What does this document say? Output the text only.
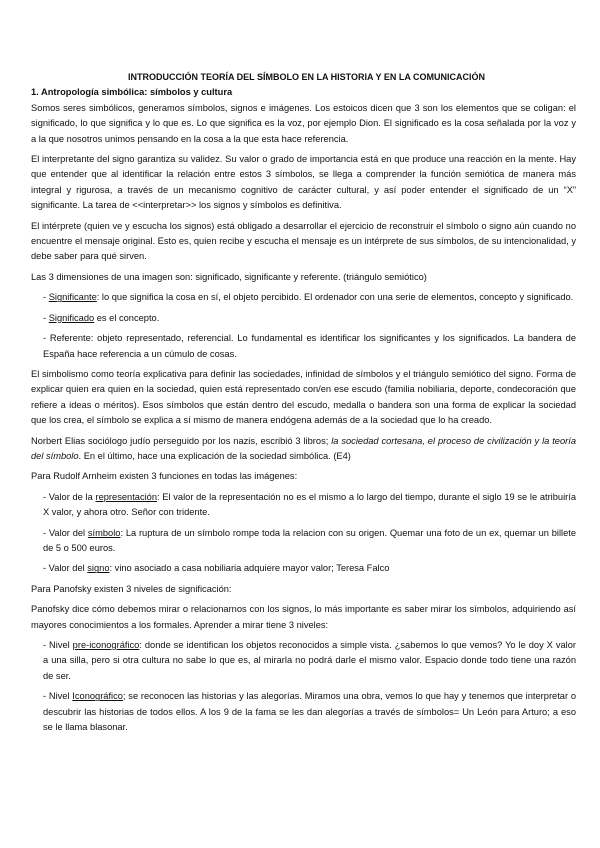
INTRODUCCIÓN TEORÍA DEL SÍMBOLO EN LA HISTORIA Y EN LA COMUNICACIÓN
1. Antropología simbólica: símbolos y cultura

Somos seres simbólicos, generamos símbolos, signos e imágenes. Los estoicos dicen que 3 son los elementos que se coligan: el significado, lo que significa y lo que es. Lo que significa es la voz, por ejemplo Dion. El significado es la cosa señalada por la voz y a la que nosotros unimos pensando en la cosa a la que esta hace referencia.

El interpretante del signo garantiza su validez. Su valor o grado de importancia está en que produce una reacción en la mente. Hay que entender que al identificar la relación entre estos 3 símbolos, se llega a comprender la función semiótica de manera más integral y rigurosa, a través de un mecanismo cognitivo de carácter cultural, y así poder entender el significado de un “X” significante. La tarea de <<interpretar>> los signos y símbolos es definitiva.

El intérprete (quien ve y escucha los signos) está obligado a desarrollar el ejercicio de reconstruir el símbolo o signo aún cuando no encuentre el mensaje original. Esto es, quien recibe y escucha el mensaje es un intérprete de sus símbolos, de su intencionalidad, y debe saber para qué sirven.

Las 3 dimensiones de una imagen son: significado, significante y referente. (triángulo semiótico)

- Significante: lo que significa la cosa en sí, el objeto percibido. El ordenador con una serie de elementos, concepto y significado.
- Significado es el concepto.
- Referente: objeto representado, referencial. Lo fundamental es identificar los significantes y los significados. La bandera de España hace referencia a un cúmulo de cosas.

El simbolismo como teoría explicativa para definir las sociedades, infinidad de símbolos y el triángulo semiótico del signo. Forma de explicar quien era quien en la sociedad, quien está representado con/en ese escudo (familia nobiliaria, deporte, condecoración que refiere a ideas o méritos). Esos símbolos que están dentro del escudo, medalla o bandera son una forma de explicar la sociedad que los crea, el símbolo se explica a sí mismo de manera endógena además de a la sociedad que lo ha creado.

Norbert Elias sociólogo judío perseguido por los nazis, escribió 3 libros; la sociedad cortesana, el proceso de civilización y la teoría del símbolo. En el último, hace una explicación de la sociedad simbólica. (E4)

Para Rudolf Arnheim existen 3 funciones en todas las imágenes:

- Valor de la representación: El valor de la representación no es el mismo a lo largo del tiempo, durante el siglo 19 se le atribuiría X valor, y ahora otro. Señor con tridente.
- Valor del símbolo: La ruptura de un símbolo rompe toda la relacion con su origen. Quemar una foto de un ex, quemar un billete de 5 o 500 euros.
- Valor del signo: vino asociado a casa nobiliaria adquiere mayor valor; Teresa Falco

Para Panofsky existen 3 niveles de significación:

Panofsky dice cómo debemos mirar o relacionarnos con los signos, lo más importante es saber mirar los símbolos, adquiriendo así mayores conocimientos a los formales. Aprender a mirar tiene 3 niveles:

- Nivel pre-iconográfico: donde se identifican los objetos reconocidos a simple vista. ¿sabemos lo que vemos? Yo le doy X valor a una silla, pero si otra cultura no sabe lo que es, al mirarla no podrá darle el mismo valor. Espacio donde todo tiene una razón de ser.
- Nivel Iconográfico; se reconocen las historias y las alegorías. Miramos una obra, vemos lo que hay y tenemos que interpretar o descubrir las historias de todos ellos. A los 9 de la fama se les dan alegorías a través de símbolos= Un León para Arturo; a eso se le llama blasonar.
